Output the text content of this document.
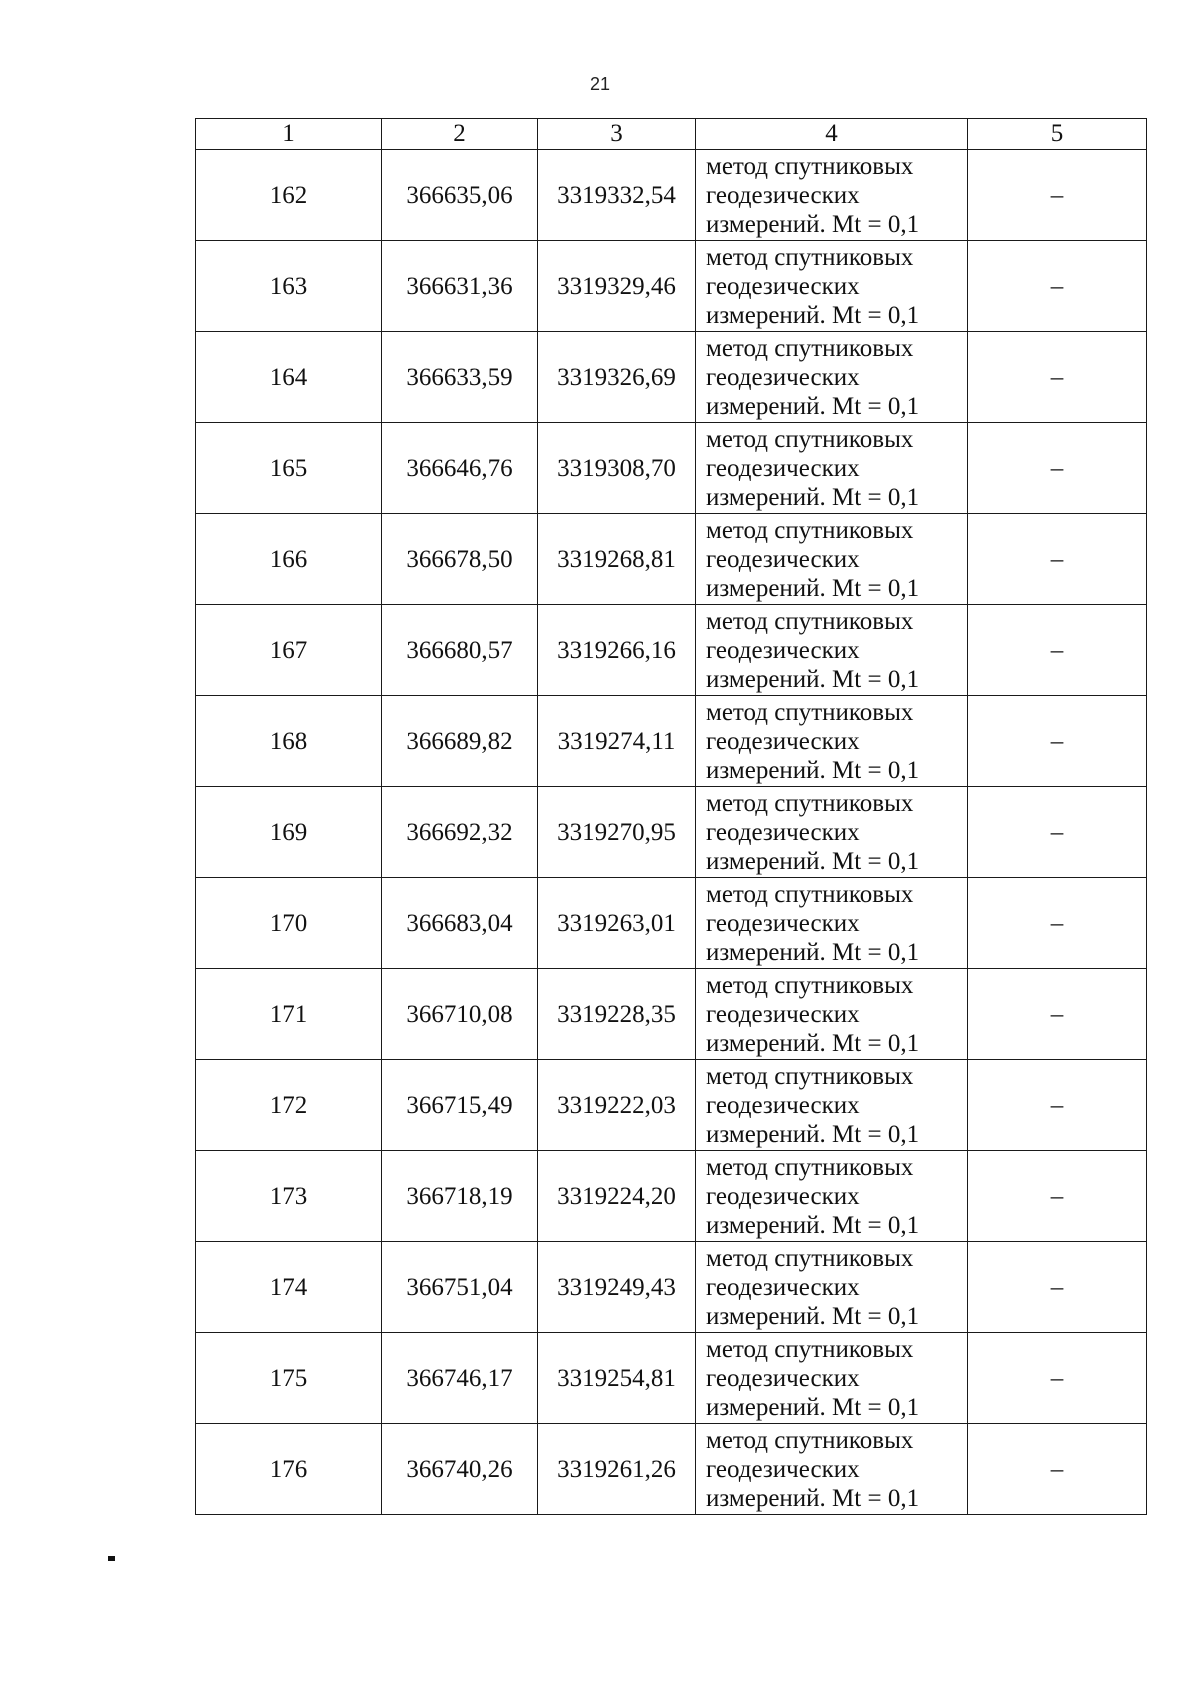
21
1	2	3	4	5
162	366635,06	3319332,54	метод спутниковых
геодезических
измерений. Mt = 0,1	–
163	366631,36	3319329,46	метод спутниковых
геодезических
измерений. Mt = 0,1	–
164	366633,59	3319326,69	метод спутниковых
геодезических
измерений. Mt = 0,1	–
165	366646,76	3319308,70	метод спутниковых
геодезических
измерений. Mt = 0,1	–
166	366678,50	3319268,81	метод спутниковых
геодезических
измерений. Mt = 0,1	–
167	366680,57	3319266,16	метод спутниковых
геодезических
измерений. Mt = 0,1	–
168	366689,82	3319274,11	метод спутниковых
геодезических
измерений. Mt = 0,1	–
169	366692,32	3319270,95	метод спутниковых
геодезических
измерений. Mt = 0,1	–
170	366683,04	3319263,01	метод спутниковых
геодезических
измерений. Mt = 0,1	–
171	366710,08	3319228,35	метод спутниковых
геодезических
измерений. Mt = 0,1	–
172	366715,49	3319222,03	метод спутниковых
геодезических
измерений. Mt = 0,1	–
173	366718,19	3319224,20	метод спутниковых
геодезических
измерений. Mt = 0,1	–
174	366751,04	3319249,43	метод спутниковых
геодезических
измерений. Mt = 0,1	–
175	366746,17	3319254,81	метод спутниковых
геодезических
измерений. Mt = 0,1	–
176	366740,26	3319261,26	метод спутниковых
геодезических
измерений. Mt = 0,1	–
